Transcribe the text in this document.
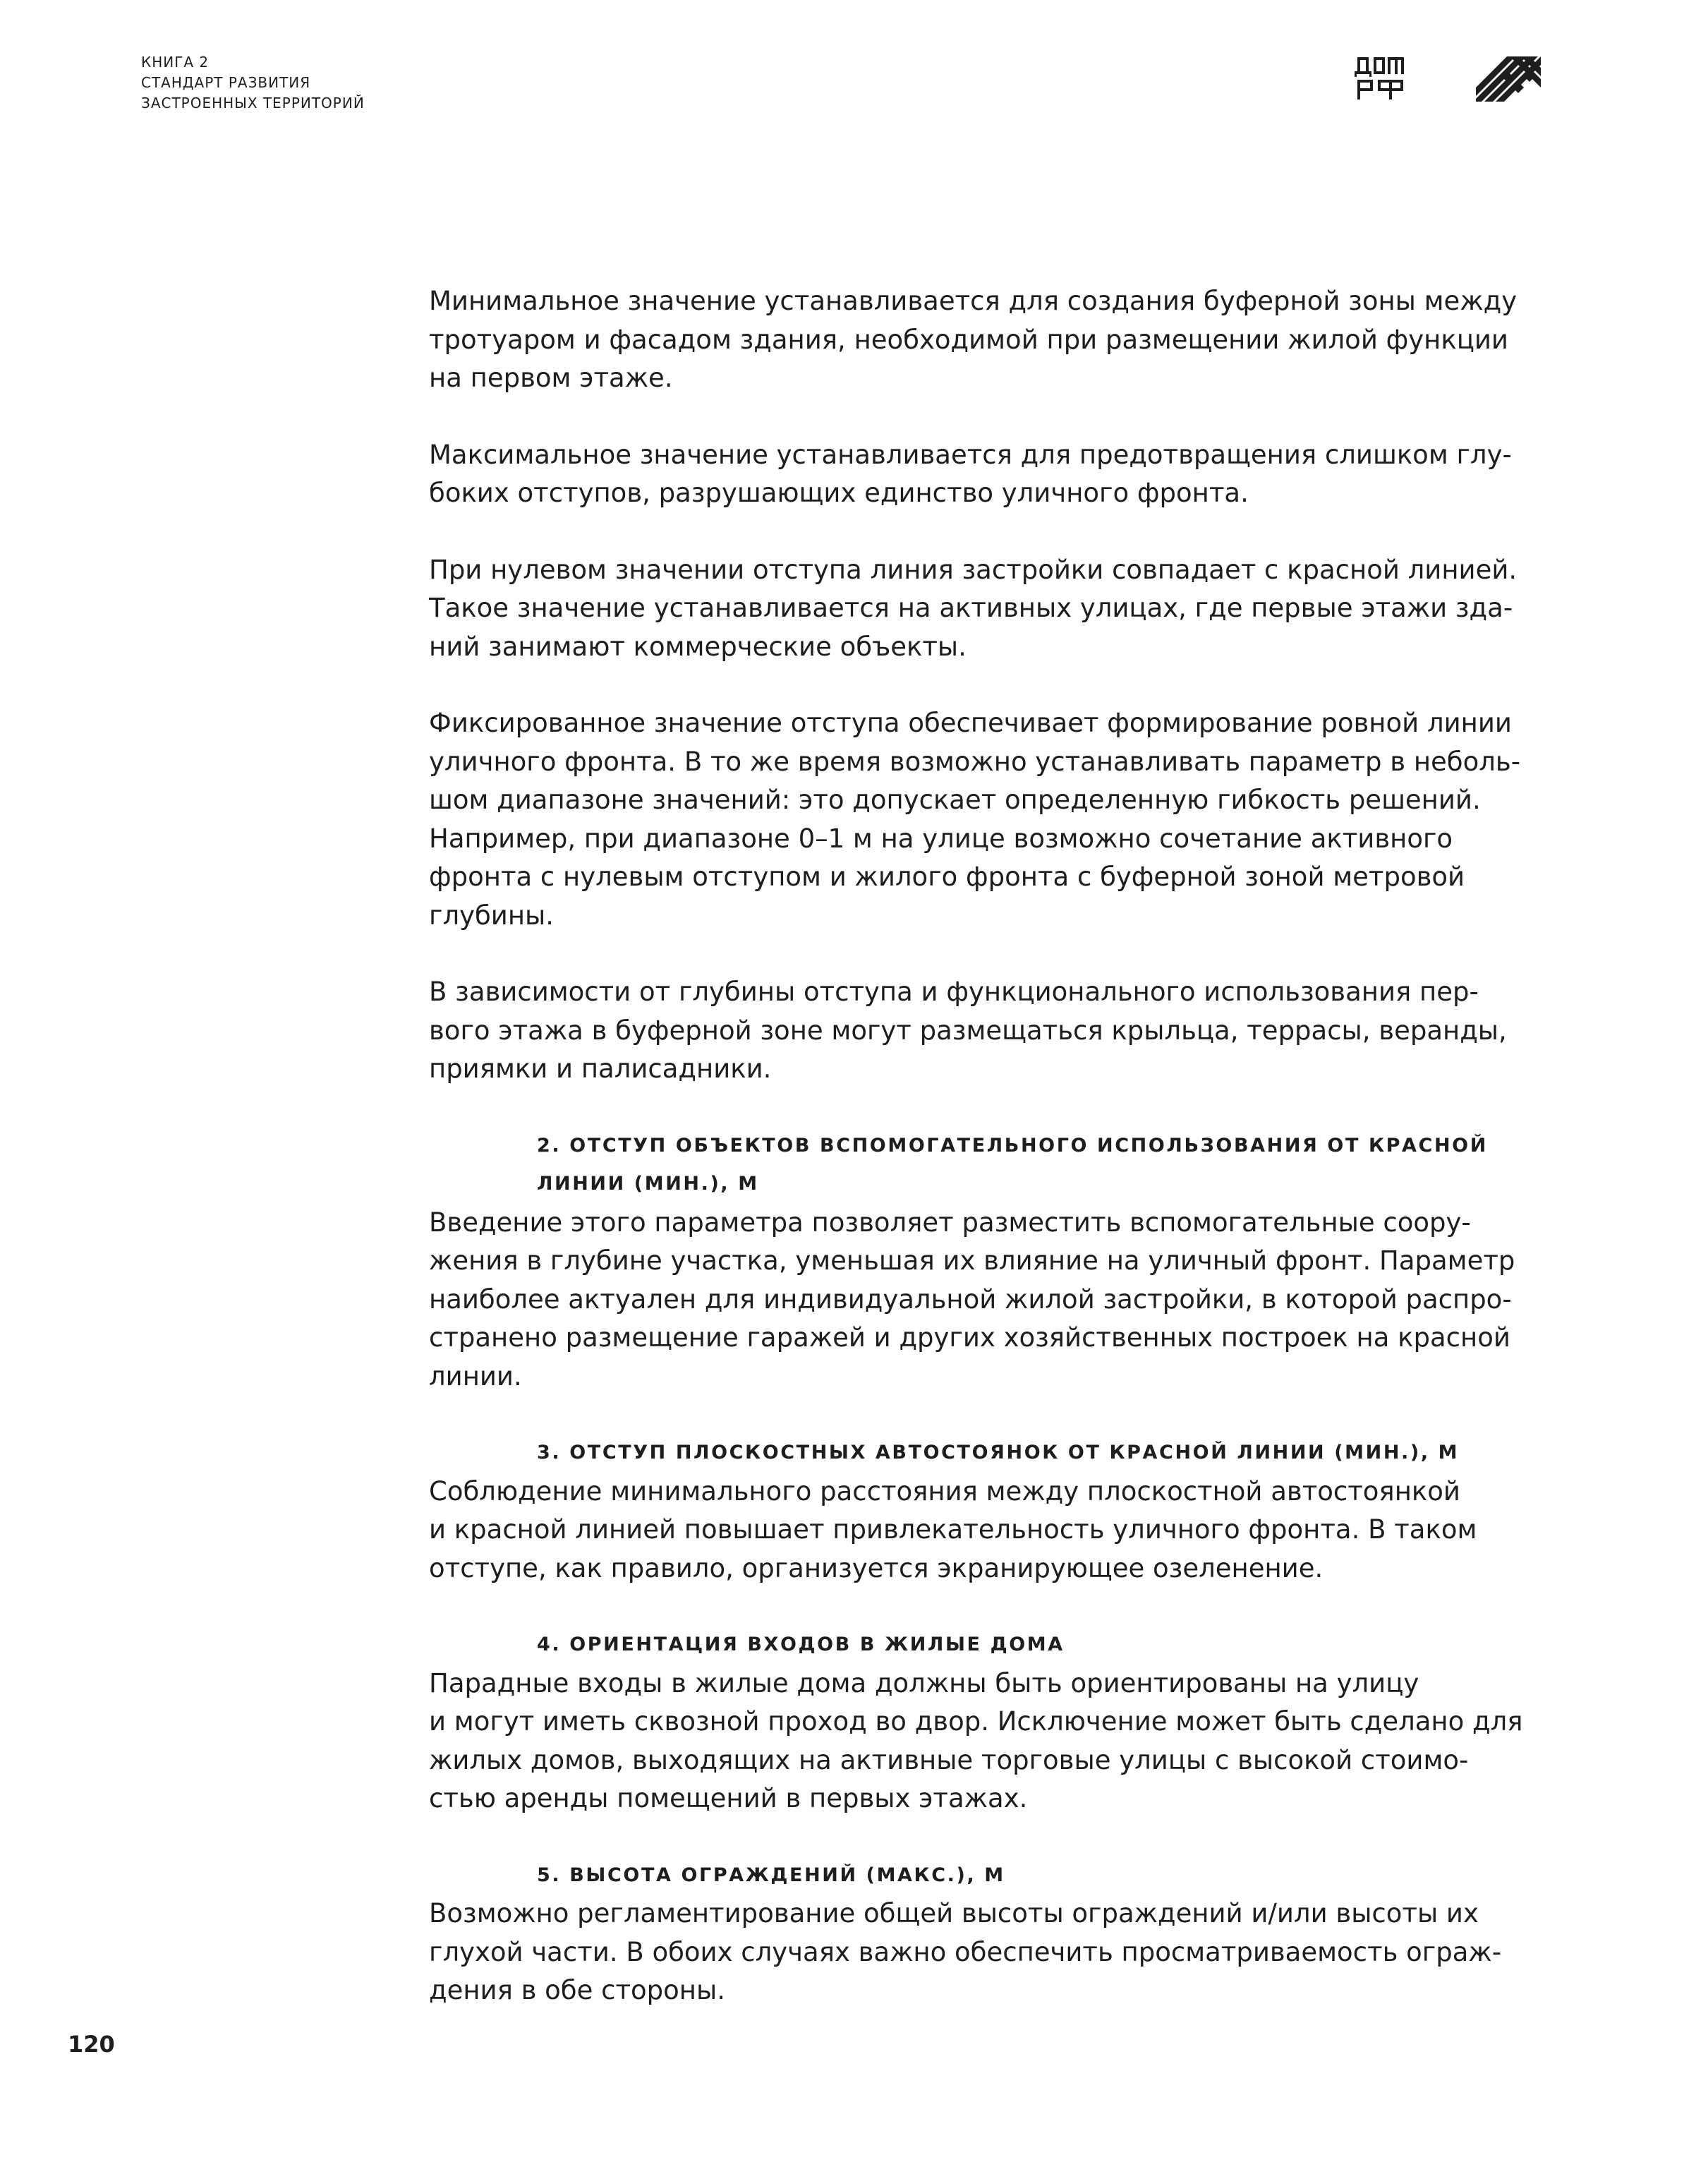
КНИГА 2
СТАНДАРТ РАЗВИТИЯ
ЗАСТРОЕННЫХ ТЕРРИТОРИЙ

Минимальное значение устанавливается для создания буферной зоны между
тротуаром и фасадом здания, необходимой при размещении жилой функции
на первом этаже.

Максимальное значение устанавливается для предотвращения слишком глу-
боких отступов, разрушающих единство уличного фронта.

При нулевом значении отступа линия застройки совпадает с красной линией.
Такое значение устанавливается на активных улицах, где первые этажи зда-
ний занимают коммерческие объекты.

Фиксированное значение отступа обеспечивает формирование ровной линии
уличного фронта. В то же время возможно устанавливать параметр в неболь-
шом диапазоне значений: это допускает определенную гибкость решений.
Например, при диапазоне 0–1 м на улице возможно сочетание активного
фронта с нулевым отступом и жилого фронта с буферной зоной метровой
глубины.

В зависимости от глубины отступа и функционального использования пер-
вого этажа в буферной зоне могут размещаться крыльца, террасы, веранды,
приямки и палисадники.

2. ОТСТУП ОБЪЕКТОВ ВСПОМОГАТЕЛЬНОГО ИСПОЛЬЗОВАНИЯ ОТ КРАСНОЙ
ЛИНИИ (МИН.), М

Введение этого параметра позволяет разместить вспомогательные соору-
жения в глубине участка, уменьшая их влияние на уличный фронт. Параметр
наиболее актуален для индивидуальной жилой застройки, в которой распро-
странено размещение гаражей и других хозяйственных построек на красной
линии.

3. ОТСТУП ПЛОСКОСТНЫХ АВТОСТОЯНОК ОТ КРАСНОЙ ЛИНИИ (МИН.), М

Соблюдение минимального расстояния между плоскостной автостоянкой
и красной линией повышает привлекательность уличного фронта. В таком
отступе, как правило, организуется экранирующее озеленение.

4. ОРИЕНТАЦИЯ ВХОДОВ В ЖИЛЫЕ ДОМА

Парадные входы в жилые дома должны быть ориентированы на улицу
и могут иметь сквозной проход во двор. Исключение может быть сделано для
жилых домов, выходящих на активные торговые улицы с высокой стоимо-
стью аренды помещений в первых этажах.

5. ВЫСОТА ОГРАЖДЕНИЙ (МАКС.), М

Возможно регламентирование общей высоты ограждений и/или высоты их
глухой части. В обоих случаях важно обеспечить просматриваемость ограж-
дения в обе стороны.

120
